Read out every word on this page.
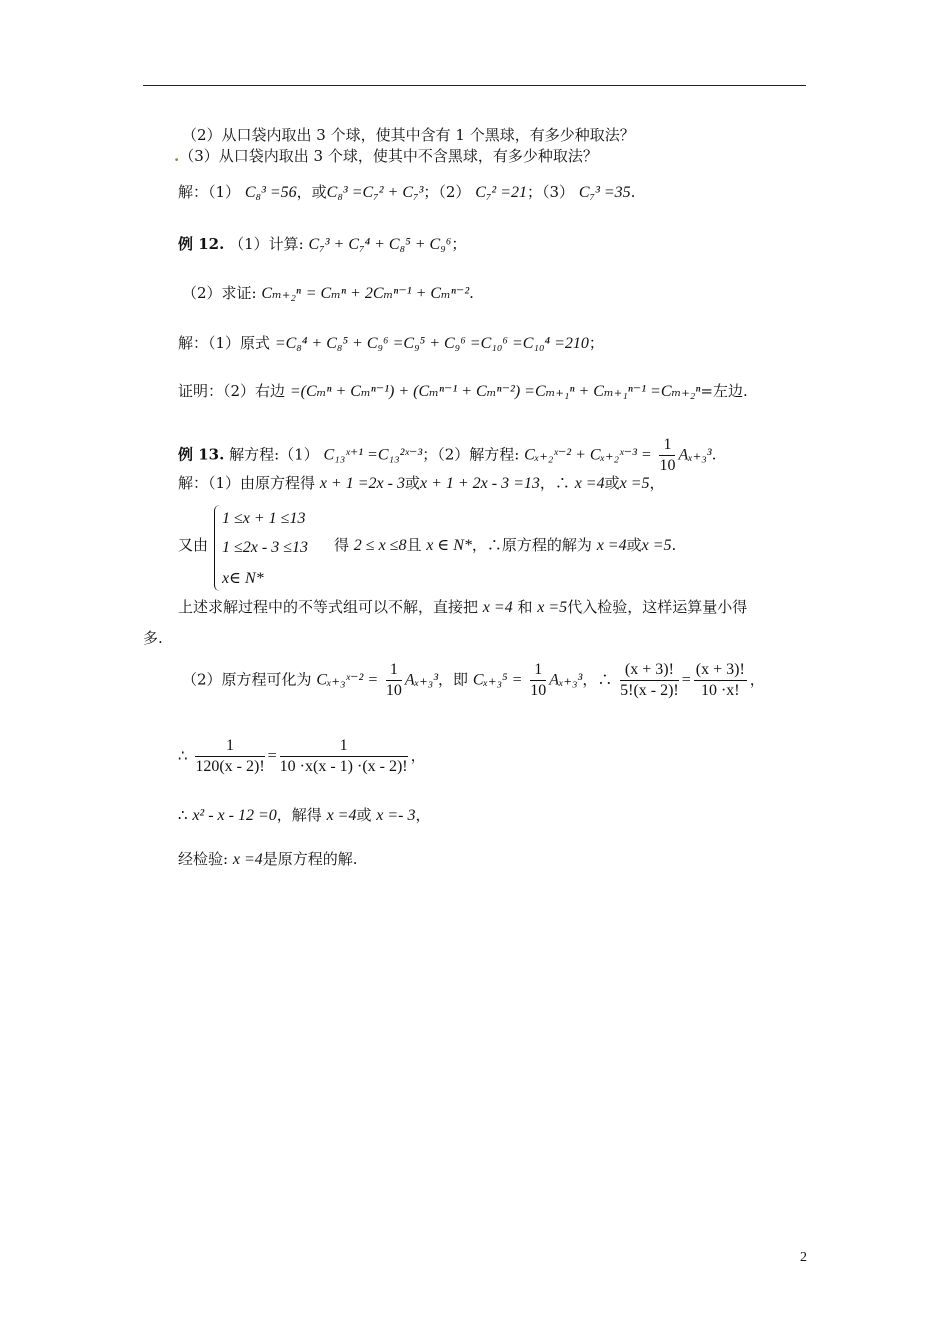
（2）从口袋内取出 3 个球，使其中含有 1 个黑球，有多少种取法？
.（3）从口袋内取出 3 个球，使其中不含黑球，有多少种取法？
解：（1） C₈³ =56，或C₈³ =C₇² + C₇³；（2） C₇² =21；（3） C₇³ =35.
例 12. （1）计算: C₇³ + C₇⁴ + C₈⁵ + C₉⁶；
（2）求证: Cₘ₊₂ⁿ = Cₘⁿ + 2Cₘⁿ⁻¹ + Cₘⁿ⁻².
解：（1）原式 =C₈⁴ + C₈⁵ + C₉⁶ =C₉⁵ + C₉⁶ =C₁₀⁶ =C₁₀⁴ =210；
证明：（2）右边 =(Cₘⁿ + Cₘⁿ⁻¹) + (Cₘⁿ⁻¹ + Cₘⁿ⁻²) =Cₘ₊₁ⁿ + Cₘ₊₁ⁿ⁻¹ =Cₘ₊₂ⁿ=左边.
例 13. 解方程:（1） C₁₃ˣ⁺¹ =C₁₃²ˣ⁻³；（2）解方程: Cₓ₊₂ˣ⁻² + Cₓ₊₂ˣ⁻³ = $\frac{1}{10} A_{x+3}^3$.
解：（1）由原方程得 x + 1 =2x - 3或x + 1 + 2x - 3 =13，∴ x =4或x =5，
又由
1 ≤x + 1 ≤13
1 ≤2x - 3 ≤13
x∈ N*
得 2 ≤ x ≤8且 x ∈ N*，∴原方程的解为 x =4或x =5.
上述求解过程中的不等式组可以不解，直接把 x =4 和 x =5代入检验，这样运算量小得
多.
（2）原方程可化为 Cₓ₊₃ˣ⁻² = $\frac{1}{10} A_{x+3}^3$，即 $C_{x+3}^5 = \frac{1}{10} A_{x+3}^3$，∴ $\frac{(x + 3)!}{5!(x - 2)!} = \frac{(x + 3)!}{10 \cdot x!}$ ，
∴ $\frac{1}{120(x - 2)!} = \frac{1}{10 \cdot x(x - 1) \cdot(x - 2)!}$ ，
∴ x² - x - 12 =0，解得 x =4或 x =- 3，
经检验: x =4是原方程的解.
2
